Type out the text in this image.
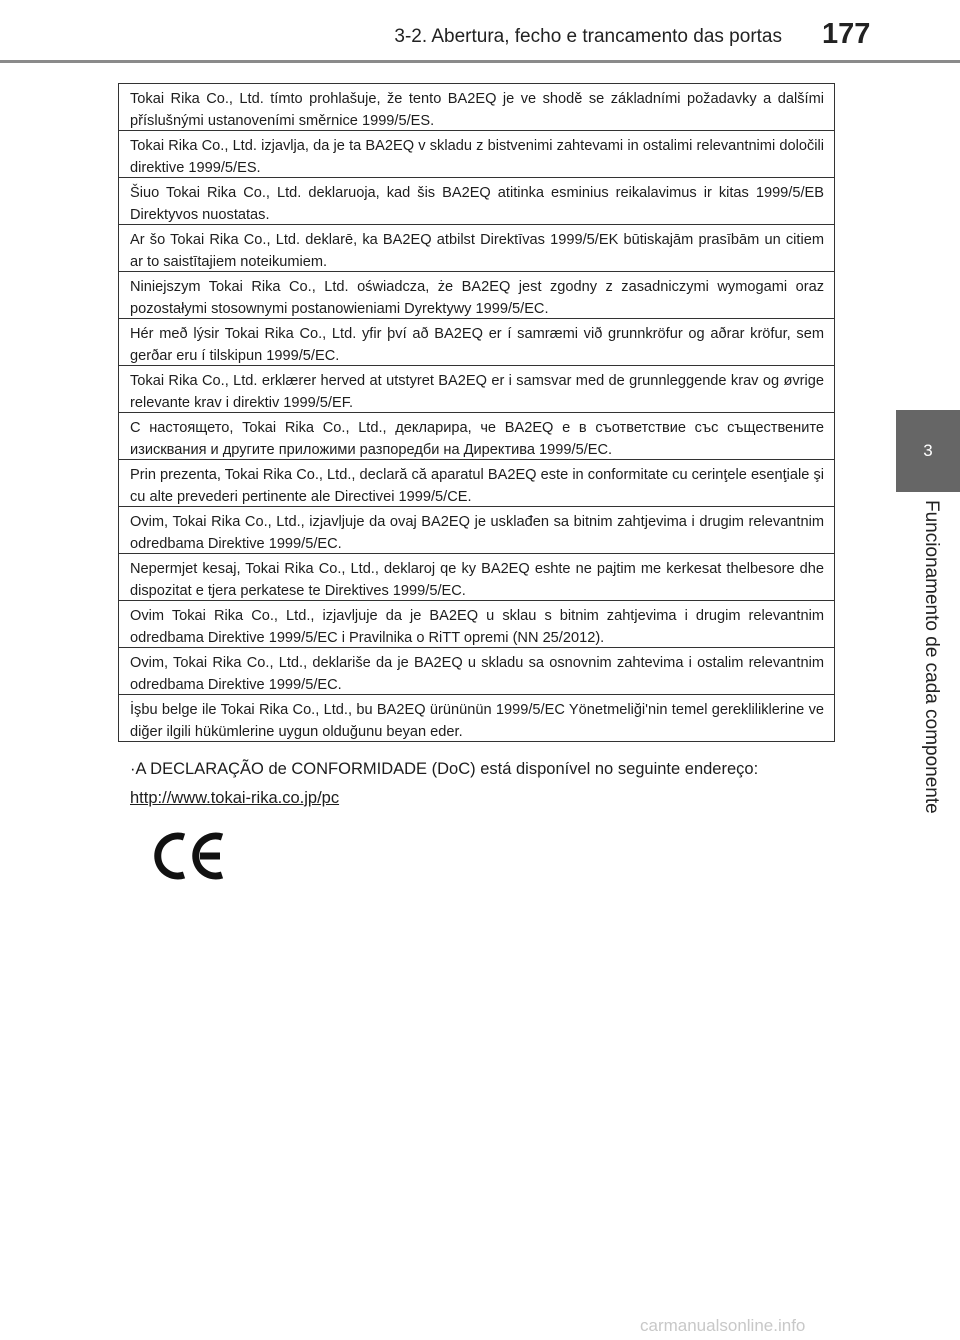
3-2. Abertura, fecho e trancamento das portas 177
3
Funcionamento de cada componente
Tokai Rika Co., Ltd. tímto prohlašuje, že tento BA2EQ je ve shodě se základními požadavky a dalšími příslušnými ustanoveními směrnice 1999/5/ES.
Tokai Rika Co., Ltd. izjavlja, da je ta BA2EQ v skladu z bistvenimi zahtevami in ostalimi relevantnimi določili direktive 1999/5/ES.
Šiuo Tokai Rika Co., Ltd. deklaruoja, kad šis BA2EQ atitinka esminius reikalavimus ir kitas 1999/5/EB Direktyvos nuostatas.
Ar šo Tokai Rika Co., Ltd. deklarē, ka BA2EQ atbilst Direktīvas 1999/5/EK būtiskajām prasībām un citiem ar to saistītajiem noteikumiem.
Niniejszym Tokai Rika Co., Ltd. oświadcza, że BA2EQ jest zgodny z zasadniczymi wymogami oraz pozostałymi stosownymi postanowieniami Dyrektywy 1999/5/EC.
Hér með lýsir Tokai Rika Co., Ltd. yfir því að BA2EQ er í samræmi við grunnkröfur og aðrar kröfur, sem gerðar eru í tilskipun 1999/5/EC.
Tokai Rika Co., Ltd. erklærer herved at utstyret BA2EQ er i samsvar med de grunnleggende krav og øvrige relevante krav i direktiv 1999/5/EF.
С настоящето, Tokai Rika Co., Ltd., декларира, че BA2EQ е в съответствие със съществените изисквания и другите приложими разпоредби на Директива 1999/5/EC.
Prin prezenta, Tokai Rika Co., Ltd., declară că aparatul BA2EQ este in conformitate cu cerinţele esenţiale şi cu alte prevederi pertinente ale Directivei 1999/5/CE.
Ovim, Tokai Rika Co., Ltd., izjavljuje da ovaj BA2EQ je usklađen sa bitnim zahtjevima i drugim relevantnim odredbama Direktive 1999/5/EC.
Nepermjet kesaj, Tokai Rika Co., Ltd., deklaroj qe ky BA2EQ eshte ne pajtim me kerkesat thelbesore dhe dispozitat e tjera perkatese te Direktives 1999/5/EC.
Ovim Tokai Rika Co., Ltd., izjavljuje da je BA2EQ u sklau s bitnim zahtjevima i drugim relevantnim odredbama Direktive 1999/5/EC i Pravilnika o RiTT opremi (NN 25/2012).
Ovim, Tokai Rika Co., Ltd., deklariše da je BA2EQ u skladu sa osnovnim zahtevima i ostalim relevantnim odredbama Direktive 1999/5/EC.
İşbu belge ile Tokai Rika Co., Ltd., bu BA2EQ ürününün 1999/5/EC Yönetmeliği'nin temel gerekliliklerine ve diğer ilgili hükümlerine uygun olduğunu beyan eder.
·A DECLARAÇÃO de CONFORMIDADE (DoC) está disponível no seguinte endereço:
http://www.tokai-rika.co.jp/pc
carmanualsonline.info
